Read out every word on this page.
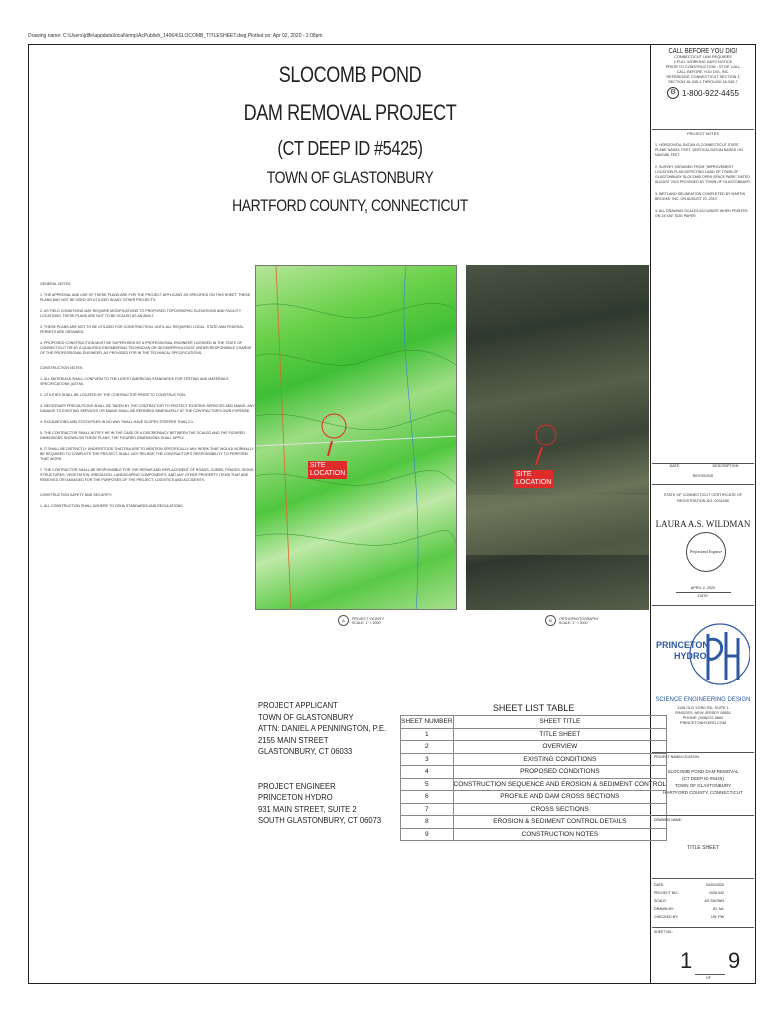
Drawing name: C:\Users\jdlfe\appdata\local\temp\AcPublish_14064\SLOCOMB_TITLESHEET.dwg Plotted on: Apr 02, 2020 - 2:08pm
SLOCOMB POND
DAM REMOVAL PROJECT
(CT DEEP ID #5425)
TOWN OF GLASTONBURY
HARTFORD COUNTY, CONNECTICUT
CALL BEFORE YOU DIG!
CONNECTICUT LAW REQUIRES
2 FULL WORKING DAYS NOTICE
PRIOR TO CONSTRUCTION - STOP. CALL
CALL BEFORE YOU DIG, INC.
REFERENCE CONNECTICUT SECTION 1
SECTION 16-345-1 THROUGH 16-345-7
⚙ 1-800-922-4455
PROJECT NOTES
1. HORIZONTAL DATUM IS CONNECTICUT STATE PLANE NAD83, FEET. VERTICAL DATUM BASED ON NAVD88, FEET.
2. SURVEY OBTAINED FROM "IMPROVEMENT LOCATION PLAN DEPICTING LAND OF TOWN OF GLASTONBURY SLOCOMB OPEN SPACE PARK" DATED AUGUST 2019 PROVIDED BY TOWN OF GLASTONBURY.
3. WETLAND DELINEATION COMPLETED BY MARTIN BROOKE, INC. ON AUGUST 20, 2019.
4. ALL DRAWING SCALES ACCURATE WHEN PRINTED ON 24"x36" SIZE PAPER.

GENERAL NOTES:

1. THE APPROVAL AND USE OF THESE PLANS ARE FOR THE PROJECT APPLICANT AS SPECIFIED ON THIS SHEET. THESE PLANS MAY NOT BE USED OR UTILIZED IN ANY OTHER PROJECTS.

2. AS FIELD CONDITIONS MAY REQUIRE MODIFICATIONS TO PROPOSED TOPOGRAPHIC ELEVATIONS AND FACILITY LOCATIONS, THESE PLANS ARE NOT TO BE SCALED AS AN-BUILT.

3. THESE PLANS ARE NOT TO BE UTILIZED FOR CONSTRUCTION, UNTIL ALL REQUIRED LOCAL, STATE AND FEDERAL PERMITS ARE OBTAINED.

4. PROPOSED CONSTRUCTION MUST BE SUPERVISED BY A PROFESSIONAL ENGINEER LICENSED IN THE STATE OF CONNECTICUT OR BY A QUALIFIED ENGINEERING TECHNICIAN OR GEOMORPHOLOGIST UNDER RESPONSIBLE CHARGE OF THE PROFESSIONAL ENGINEER, AS PROVIDED FOR IN THE TECHNICAL SPECIFICATIONS.

CONSTRUCTION NOTES:

1. ALL MATERIALS SHALL CONFORM TO THE LATEST AMERICAN STANDARDS FOR TESTING AND MATERIALS SPECIFICATIONS (ASTM).

2. UTILITIES SHALL BE LOCATED BY THE CONTRACTOR PRIOR TO CONSTRUCTION.

3. NECESSARY PRECAUTIONS SHALL BE TAKEN BY THE CONTRACTOR TO PROTECT EXISTING SERVICES AND MAINS. ANY DAMAGE TO EXISTING SERVICES OR MAINS SHALL BE REPAIRED IMMEDIATELY AT THE CONTRACTOR'S OWN EXPENSE.

4. EXCAVATIONS AND STOCKPILES IN NO WAY SHALL HAVE SLOPES STEEPER THAN 2:1.

5. THE CONTRACTOR SHALL NOTIFY HE IN THE CASE OF A DISCREPANCY BETWEEN THE SCALED AND THE FIGURED DIMENSIONS SHOWN ON THESE PLANS. THE FIGURED DIMENSIONS SHALL APPLY.

6. IT SHALL BE DISTINCTLY UNDERSTOOD THAT FAILURE TO MENTION SPECIFICALLY ANY WORK THAT WOULD NORMALLY BE REQUIRED TO COMPLETE THE PROJECT, SHALL NOT RELIEVE THE CONTRACTOR'S RESPONSIBILITY TO PERFORM THAT WORK.

7. THE CONTRACTOR SHALL BE RESPONSIBLE FOR THE REPAIR AND REPLACEMENT OF ROADS, CURBS, FENCES, SIGNS, STRUCTURES, VEGETATION, IRRIGATION, LANDSCAPING COMPONENTS, AND ANY OTHER PROPERTY ITEMS THAT ARE REMOVED OR DAMAGED FOR THE PURPOSES OF THE PROJECT, LOGISTICS AND ACCIDENTS.

CONSTRUCTION SAFETY AND SECURITY:

1. ALL CONSTRUCTION SHALL ADHERE TO OSHA STANDARDS AND REGULATIONS.

SITE
LOCATION	SITE
LOCATION
A	PROJECT VICINITY
SCALE: 1" = 2000'	B	ORTHOPHOTOGRAPHY
SCALE: 1" = 2000'
PROJECT APPLICANT
TOWN OF GLASTONBURY
ATTN: DANIEL A PENNINGTON, P.E.
2155 MAIN STREET
GLASTONBURY, CT 06033
PROJECT ENGINEER
PRINCETON HYDRO
931 MAIN STREET, SUITE 2
SOUTH GLASTONBURY, CT 06073
SHEET LIST TABLE	
SHEET NUMBER	SHEET TITLE
1	TITLE SHEET
2	OVERVIEW
3	EXISTING CONDITIONS
4	PROPOSED CONDITIONS
5	CONSTRUCTION SEQUENCE AND EROSION & SEDIMENT CONTROL
6	PROFILE AND DAM CROSS SECTIONS
7	CROSS SECTIONS
8	EROSION & SEDIMENT CONTROL DETAILS
9	CONSTRUCTION NOTES
DATE	DESCRIPTION
REVISIONS
STATE OF CONNECTICUT CERTIFICATE OF
REGISTRATION NO. 0031188
LAURA A.S. WILDMAN
Professional Engineer
APRIL 2, 2020
DATE
PRINCETON
HYDRO
SCIENCE ENGINEERING DESIGN
1108 OLD YORK RD, SUITE 1
RINGOES, NEW JERSEY 08551
PHONE: (908)237-5660
PRINCETONHYDRO.COM
PROJECT NAME/LOCATION:
SLOCOMB POND DAM REMOVAL
(CT DEEP ID #5425)
TOWN OF GLASTONBURY
HARTFORD COUNTY, CONNECTICUT
DRAWING NAME:
TITLE SHEET
DATE:	04/01/2020
PROJECT NO.:	1026.042
SCALE:	AS SHOWN
DRAWN BY:	JD, ML
CHECKED BY:	LW, PW
SHEET NO.:
1 9
OF
